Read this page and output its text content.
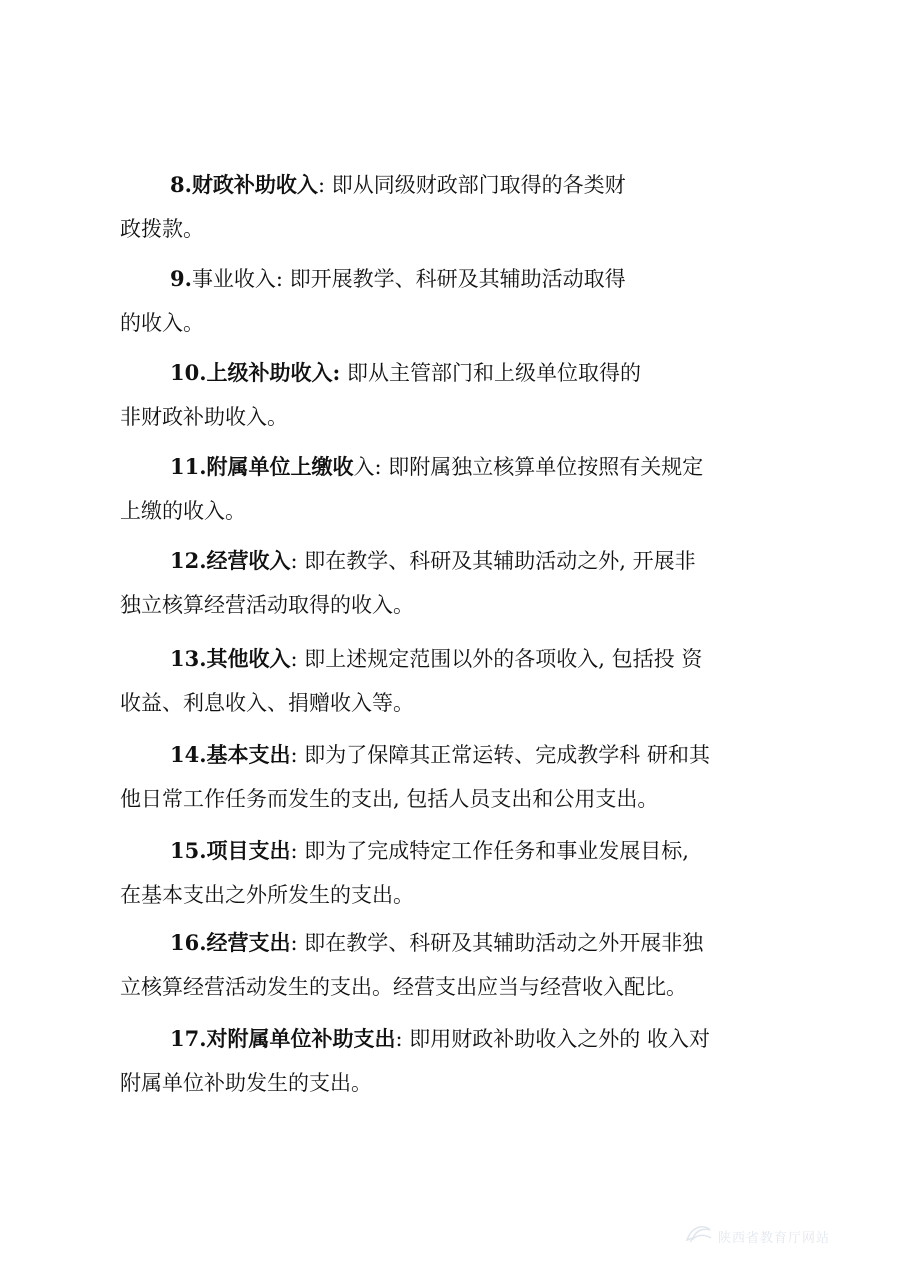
8.财政补助收入: 即从同级财政部门取得的各类财
政拨款。
9.事业收入: 即开展教学、科研及其辅助活动取得
的收入。
10.上级补助收入: 即从主管部门和上级单位取得的
非财政补助收入。
11.附属单位上缴收入: 即附属独立核算单位按照有关规定
上缴的收入。
12.经营收入: 即在教学、科研及其辅助活动之外, 开展非
独立核算经营活动取得的收入。
13.其他收入: 即上述规定范围以外的各项收入, 包括投 资
收益、利息收入、捐赠收入等。
14.基本支出: 即为了保障其正常运转、完成教学科 研和其
他日常工作任务而发生的支出, 包括人员支出和公用支出。
15.项目支出: 即为了完成特定工作任务和事业发展目标,
在基本支出之外所发生的支出。
16.经营支出: 即在教学、科研及其辅助活动之外开展非独
立核算经营活动发生的支出。经营支出应当与经营收入配比。
17.对附属单位补助支出: 即用财政补助收入之外的 收入对
附属单位补助发生的支出。
陕西省教育厅网站
